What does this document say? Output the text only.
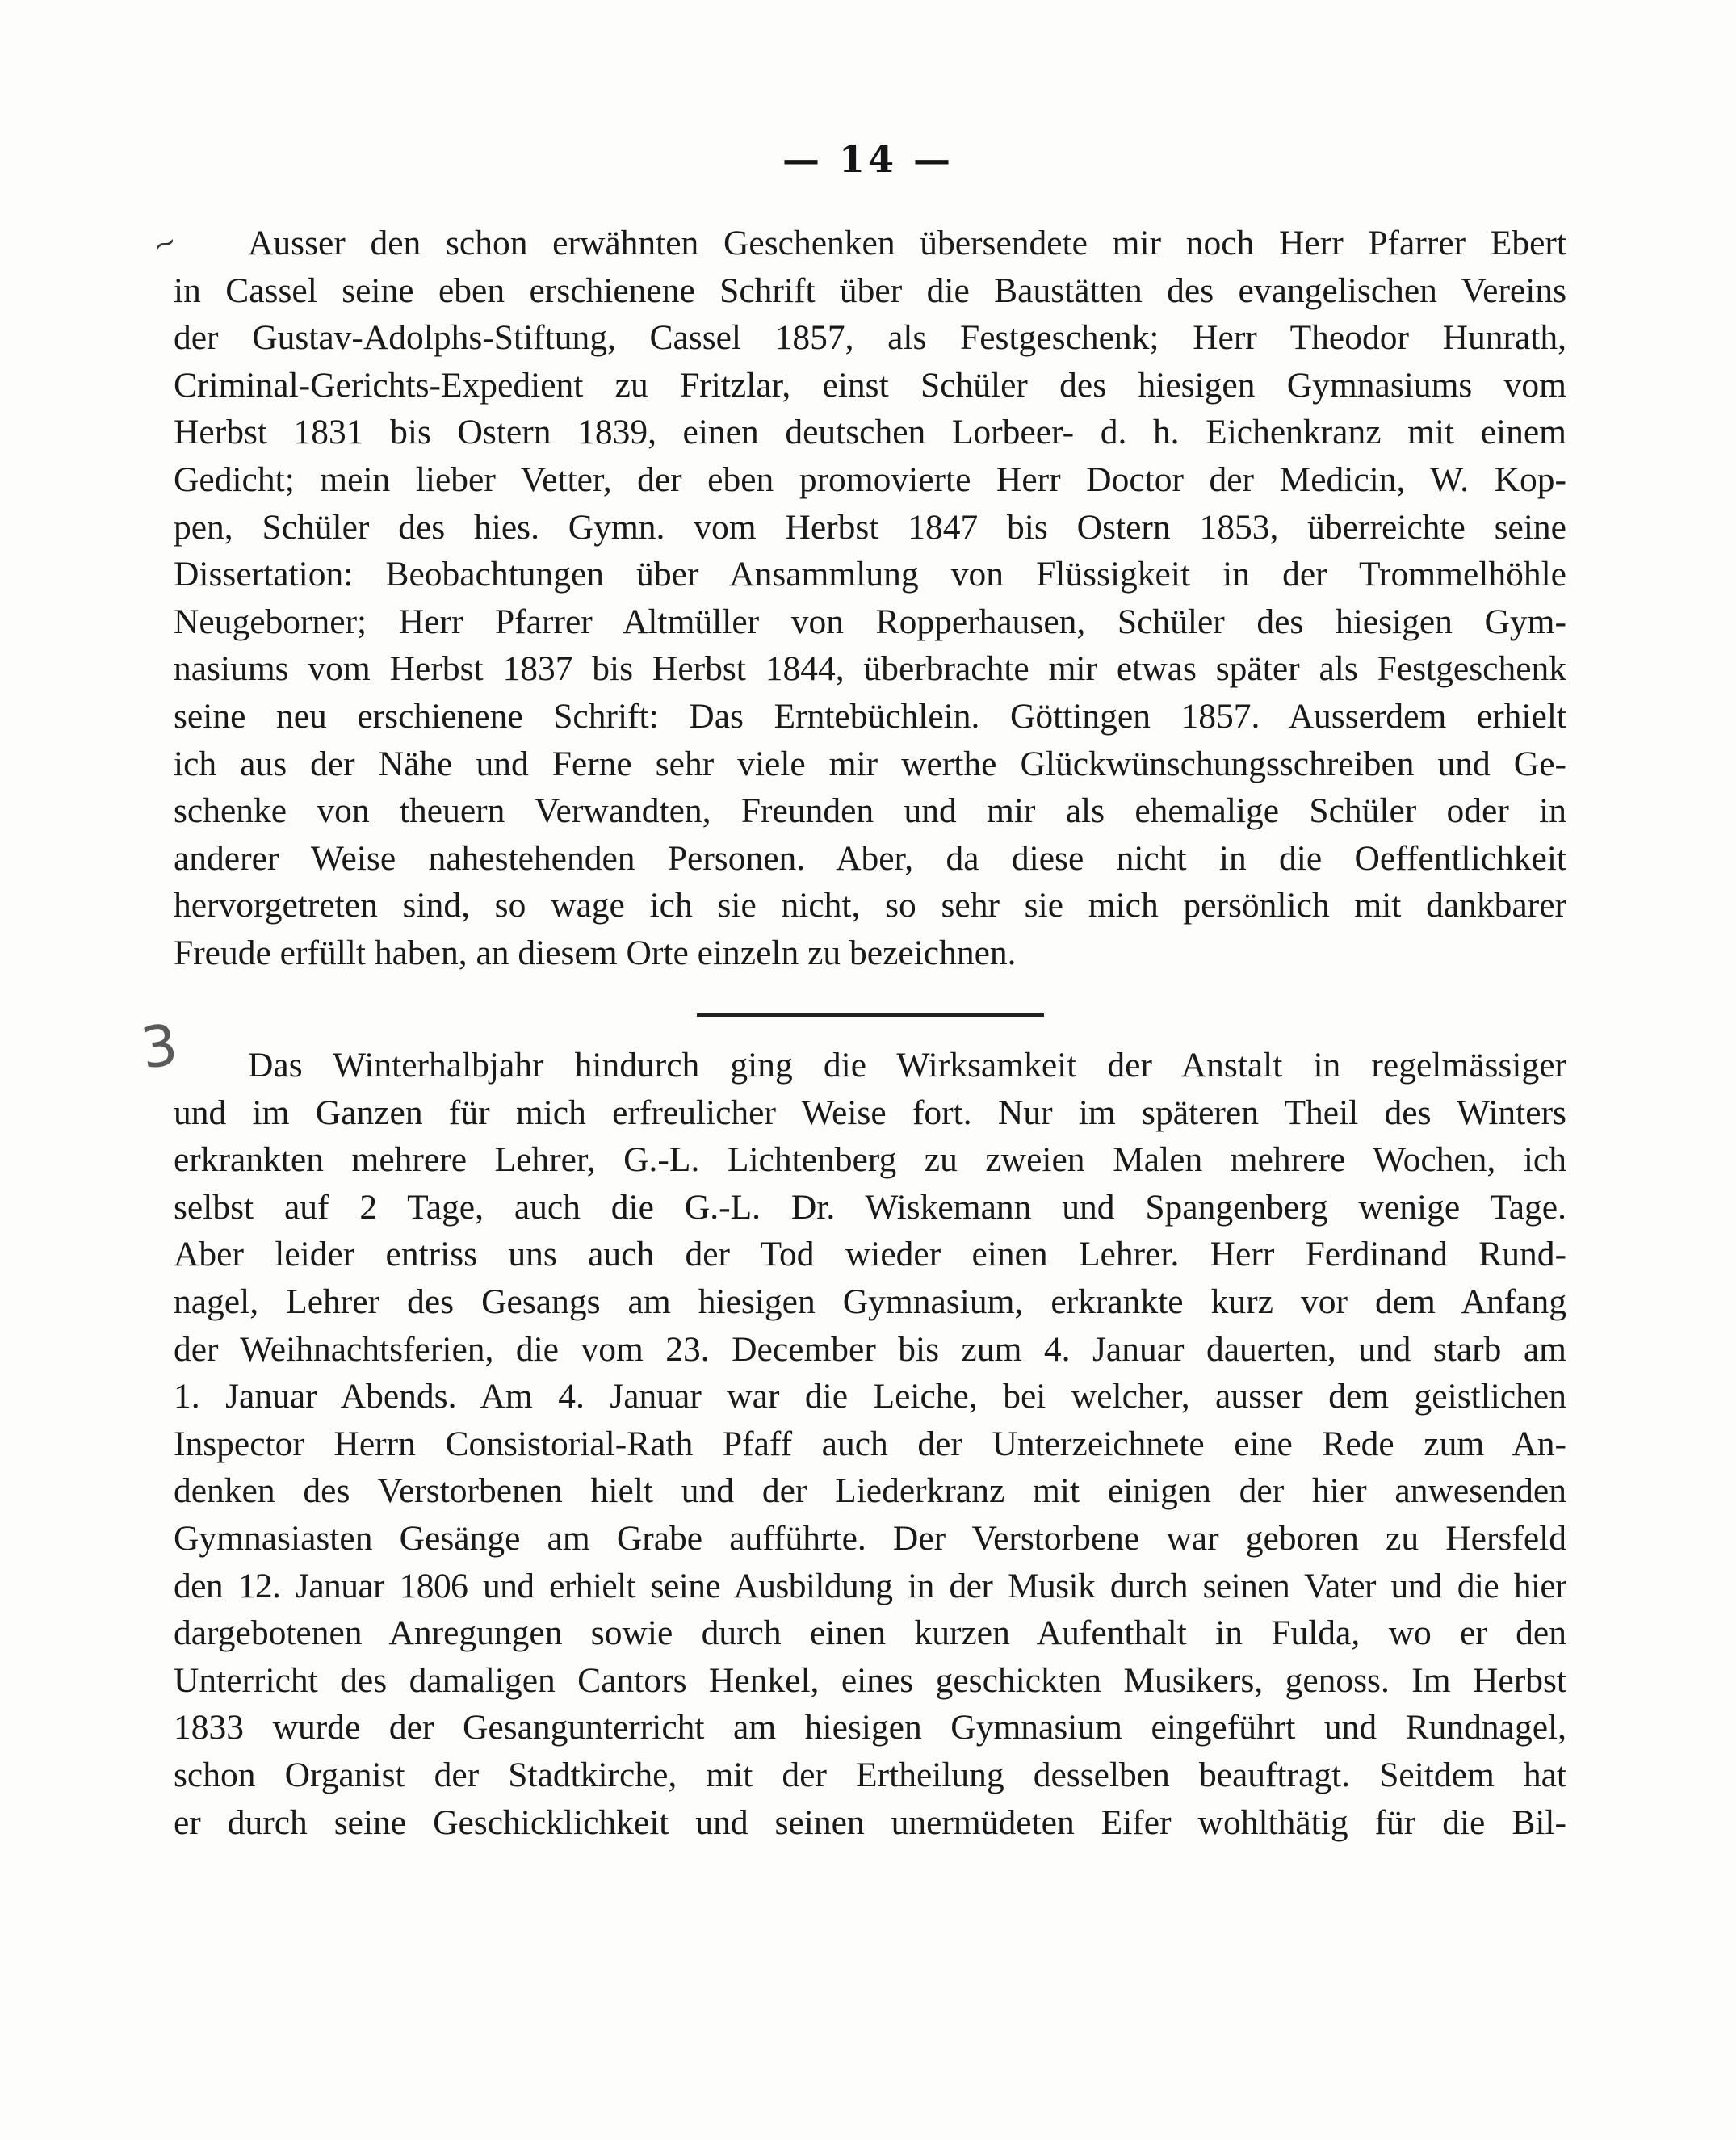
— 14 —
~
3
Ausser den schon erwähnten Geschenken übersendete mir noch Herr Pfarrer Ebert
in Cassel seine eben erschienene Schrift über die Baustätten des evangelischen Vereins
der Gustav-Adolphs-Stiftung, Cassel 1857, als Festgeschenk; Herr Theodor Hunrath,
Criminal-Gerichts-Expedient zu Fritzlar, einst Schüler des hiesigen Gymnasiums vom
Herbst 1831 bis Ostern 1839, einen deutschen Lorbeer- d. h. Eichenkranz mit einem
Gedicht; mein lieber Vetter, der eben promovierte Herr Doctor der Medicin, W. Kop-
pen, Schüler des hies. Gymn. vom Herbst 1847 bis Ostern 1853, überreichte seine
Dissertation: Beobachtungen über Ansammlung von Flüssigkeit in der Trommelhöhle
Neugeborner; Herr Pfarrer Altmüller von Ropperhausen, Schüler des hiesigen Gym-
nasiums vom Herbst 1837 bis Herbst 1844, überbrachte mir etwas später als Festgeschenk
seine neu erschienene Schrift: Das Erntebüchlein. Göttingen 1857. Ausserdem erhielt
ich aus der Nähe und Ferne sehr viele mir werthe Glückwünschungsschreiben und Ge-
schenke von theuern Verwandten, Freunden und mir als ehemalige Schüler oder in
anderer Weise nahestehenden Personen. Aber, da diese nicht in die Oeffentlichkeit
hervorgetreten sind, so wage ich sie nicht, so sehr sie mich persönlich mit dankbarer
Freude erfüllt haben, an diesem Orte einzeln zu bezeichnen.
Das Winterhalbjahr hindurch ging die Wirksamkeit der Anstalt in regelmässiger
und im Ganzen für mich erfreulicher Weise fort. Nur im späteren Theil des Winters
erkrankten mehrere Lehrer, G.-L. Lichtenberg zu zweien Malen mehrere Wochen, ich
selbst auf 2 Tage, auch die G.-L. Dr. Wiskemann und Spangenberg wenige Tage.
Aber leider entriss uns auch der Tod wieder einen Lehrer. Herr Ferdinand Rund-
nagel, Lehrer des Gesangs am hiesigen Gymnasium, erkrankte kurz vor dem Anfang
der Weihnachtsferien, die vom 23. December bis zum 4. Januar dauerten, und starb am
1. Januar Abends. Am 4. Januar war die Leiche, bei welcher, ausser dem geistlichen
Inspector Herrn Consistorial-Rath Pfaff auch der Unterzeichnete eine Rede zum An-
denken des Verstorbenen hielt und der Liederkranz mit einigen der hier anwesenden
Gymnasiasten Gesänge am Grabe aufführte. Der Verstorbene war geboren zu Hersfeld
den 12. Januar 1806 und erhielt seine Ausbildung in der Musik durch seinen Vater und die hier
dargebotenen Anregungen sowie durch einen kurzen Aufenthalt in Fulda, wo er den
Unterricht des damaligen Cantors Henkel, eines geschickten Musikers, genoss. Im Herbst
1833 wurde der Gesangunterricht am hiesigen Gymnasium eingeführt und Rundnagel,
schon Organist der Stadtkirche, mit der Ertheilung desselben beauftragt. Seitdem hat
er durch seine Geschicklichkeit und seinen unermüdeten Eifer wohlthätig für die Bil-
